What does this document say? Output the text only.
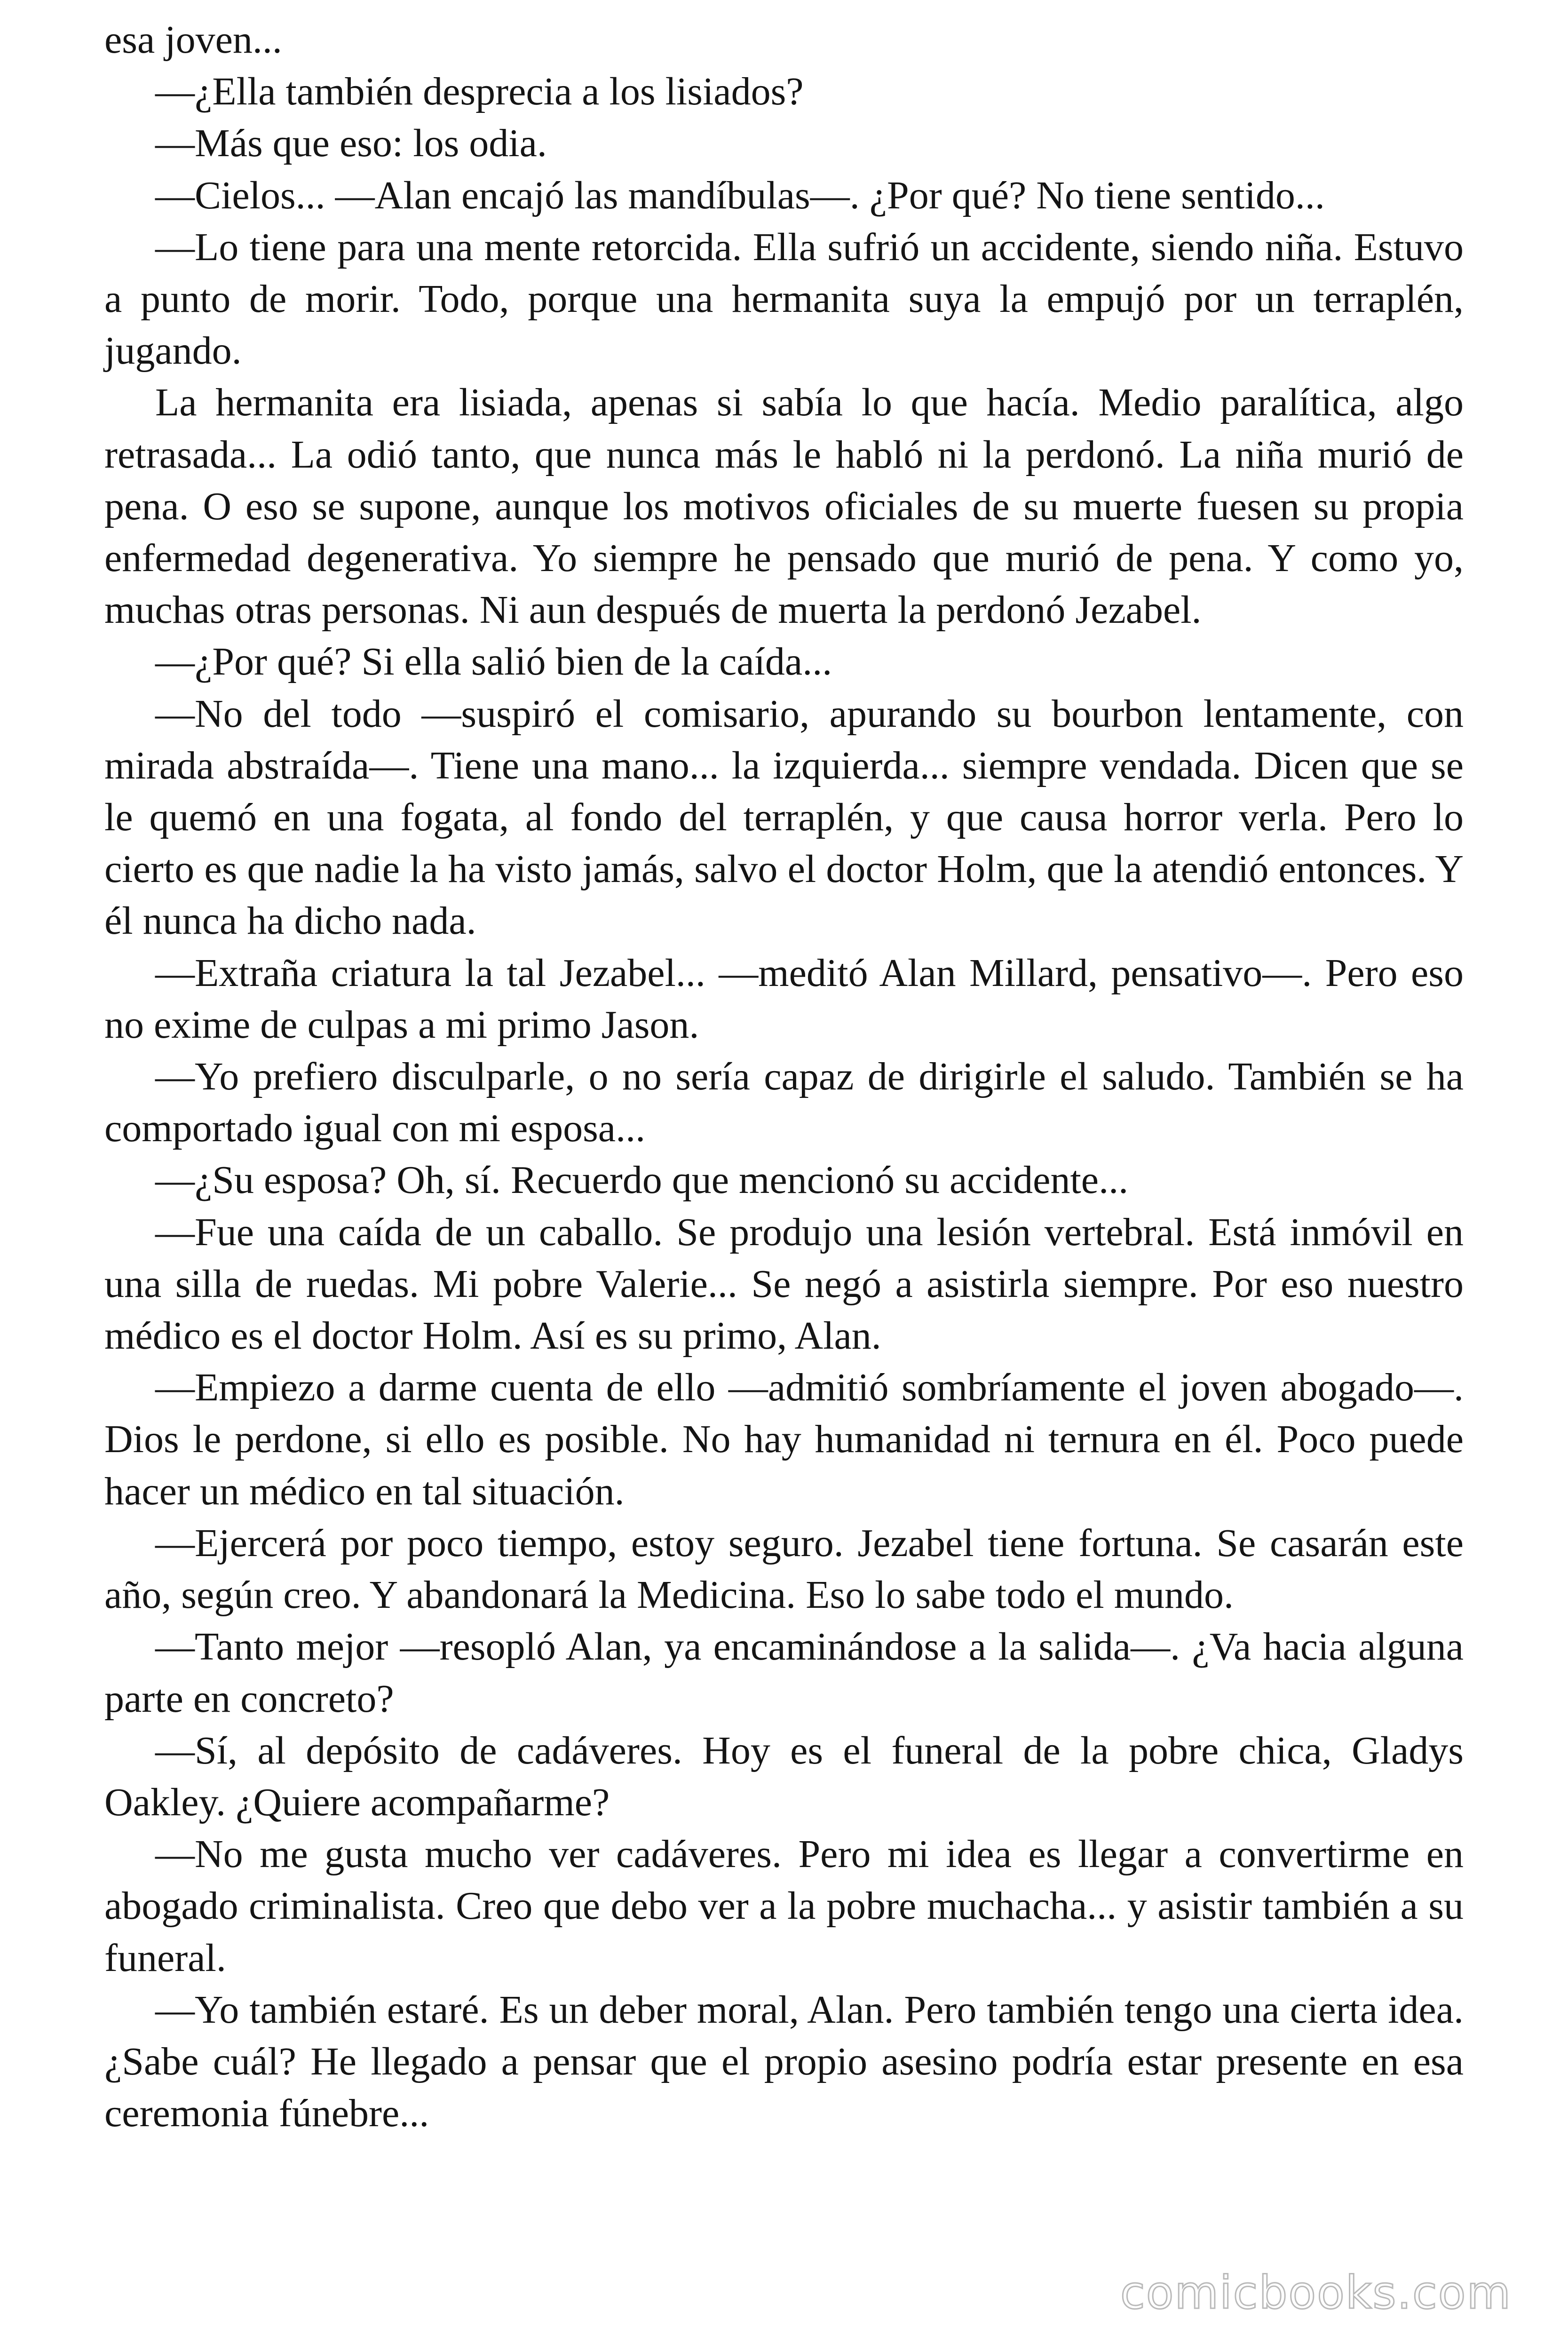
esa joven...

—¿Ella también desprecia a los lisiados?

—Más que eso: los odia.

—Cielos... —Alan encajó las mandíbulas—. ¿Por qué? No tiene sentido...

—Lo tiene para una mente retorcida. Ella sufrió un accidente, siendo niña. Estuvo a punto de morir. Todo, porque una hermanita suya la empujó por un terraplén, jugando.

La hermanita era lisiada, apenas si sabía lo que hacía. Medio paralítica, algo retrasada... La odió tanto, que nunca más le habló ni la perdonó. La niña murió de pena. O eso se supone, aunque los motivos oficiales de su muerte fuesen su propia enfermedad degenerativa. Yo siempre he pensado que murió de pena. Y como yo, muchas otras personas. Ni aun después de muerta la perdonó Jezabel.

—¿Por qué? Si ella salió bien de la caída...

—No del todo —suspiró el comisario, apurando su bourbon lentamente, con mirada abstraída—. Tiene una mano... la izquierda... siempre vendada. Dicen que se le quemó en una fogata, al fondo del terraplén, y que causa horror verla. Pero lo cierto es que nadie la ha visto jamás, salvo el doctor Holm, que la atendió entonces. Y él nunca ha dicho nada.

—Extraña criatura la tal Jezabel... —meditó Alan Millard, pensativo—. Pero eso no exime de culpas a mi primo Jason.

—Yo prefiero disculparle, o no sería capaz de dirigirle el saludo. También se ha comportado igual con mi esposa...

—¿Su esposa? Oh, sí. Recuerdo que mencionó su accidente...

—Fue una caída de un caballo. Se produjo una lesión vertebral. Está inmóvil en una silla de ruedas. Mi pobre Valerie... Se negó a asistirla siempre. Por eso nuestro médico es el doctor Holm. Así es su primo, Alan.

—Empiezo a darme cuenta de ello —admitió sombríamente el joven abogado—. Dios le perdone, si ello es posible. No hay humanidad ni ternura en él. Poco puede hacer un médico en tal situación.

—Ejercerá por poco tiempo, estoy seguro. Jezabel tiene fortuna. Se casarán este año, según creo. Y abandonará la Medicina. Eso lo sabe todo el mundo.

—Tanto mejor —resopló Alan, ya encaminándose a la salida—. ¿Va hacia alguna parte en concreto?

—Sí, al depósito de cadáveres. Hoy es el funeral de la pobre chica, Gladys Oakley. ¿Quiere acompañarme?

—No me gusta mucho ver cadáveres. Pero mi idea es llegar a convertirme en abogado criminalista. Creo que debo ver a la pobre muchacha... y asistir también a su funeral.

—Yo también estaré. Es un deber moral, Alan. Pero también tengo una cierta idea. ¿Sabe cuál? He llegado a pensar que el propio asesino podría estar presente en esa ceremonia fúnebre...

comicbooks.com
